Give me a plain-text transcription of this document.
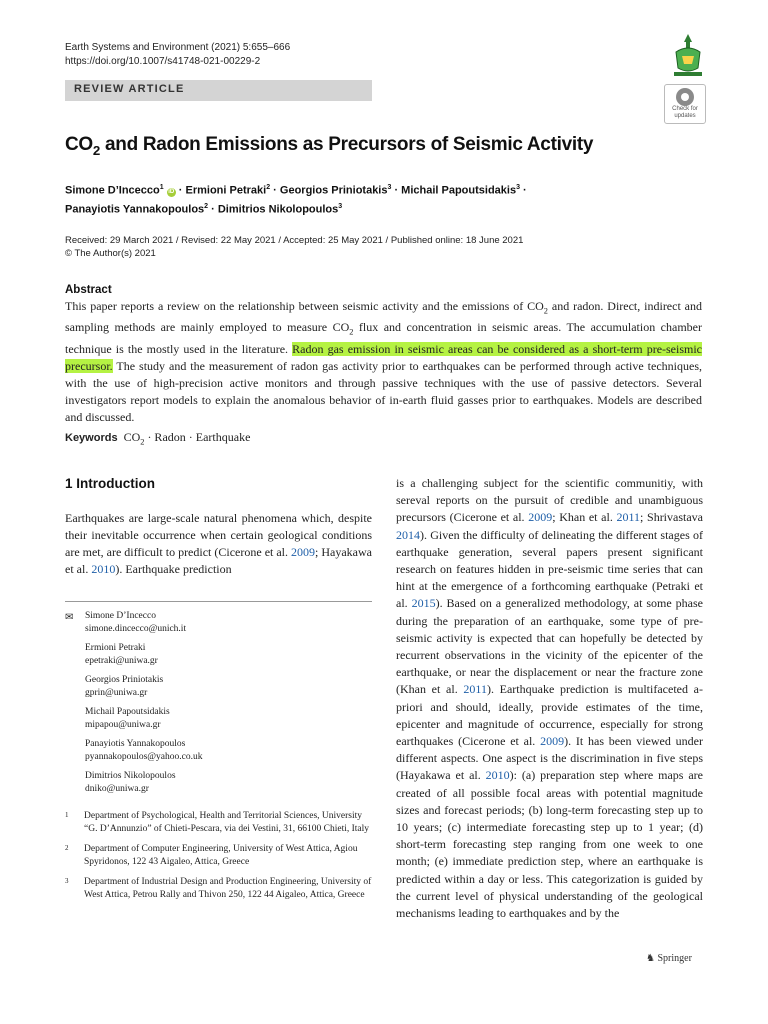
Earth Systems and Environment (2021) 5:655–666
https://doi.org/10.1007/s41748-021-00229-2
REVIEW ARTICLE
Check for updates
$CO_2$ and Radon Emissions as Precursors of Seismic Activity
Simone D’Incecco$^1$ iD · Ermioni Petraki$^2$ · Georgios Priniotakis$^3$ · Michail Papoutsidakis$^3$ ·
Panayiotis Yannakopoulos$^2$ · Dimitrios Nikolopoulos$^3$
Received: 29 March 2021 / Revised: 22 May 2021 / Accepted: 25 May 2021 / Published online: 18 June 2021
© The Author(s) 2021
Abstract
This paper reports a review on the relationship between seismic activity and the emissions of $CO_2$ and radon. Direct, indirect and sampling methods are mainly employed to measure $CO_2$ flux and concentration in seismic areas. The accumulation chamber technique is the mostly used in the literature. Radon gas emission in seismic areas can be considered as a short-term pre-seismic precursor. The study and the measurement of radon gas activity prior to earthquakes can be performed through active techniques, with the use of high-precision active monitors and through passive techniques with the use of passive detectors. Several investigators report models to explain the anomalous behavior of in-earth fluid gasses prior to earthquakes. Models are described and discussed.
Keywords $CO_2$ · Radon · Earthquake
1 Introduction
Earthquakes are large-scale natural phenomena which, despite their inevitable occurrence when certain geological conditions are met, are difficult to predict (Cicerone et al. 2009; Hayakawa et al. 2010). Earthquake prediction
is a challenging subject for the scientific communitiy, with sereval reports on the pursuit of credible and unambiguous precursors (Cicerone et al. 2009; Khan et al. 2011; Shrivastava 2014). Given the difficulty of delineating the different stages of earthquake generation, several papers present significant research on features hidden in pre-seismic time series that can hint at the emergence of a forthcoming earthquake (Petraki et al. 2015). Based on a generalized methodology, at some phase during the preparation of an earthquake, some type of pre-seismic activity is expected that can hopefully be detected by recurrent observations in the vicinity of the epicenter of the earthquake, or near the displacement or near the fracture zone (Khan et al. 2011). Earthquake prediction is multifaceted a-priori and should, ideally, provide estimates of the time, epicenter and magnitude of occurrence, especially for strong earthquakes (Cicerone et al. 2009). It has been viewed under different aspects. One aspect is the discrimination in five steps (Hayakawa et al. 2010): (a) preparation step where maps are created of all possible focal areas with potential magnitude sizes and forecast periods; (b) long-term forecasting step up to 10 years; (c) intermediate forecasting step up to 1 year; (d) short-term forecasting step ranging from one week to one month; (e) immediate prediction step, where an earthquake is predicted within a day or less. This categorization is guided by the current level of physical understanding of the geological mechanisms leading to earthquakes and by the
✉ Simone D’Incecco
simone.dincecco@unich.it
Ermioni Petraki
epetraki@uniwa.gr
Georgios Priniotakis
gprin@uniwa.gr
Michail Papoutsidakis
mipapou@uniwa.gr
Panayiotis Yannakopoulos
pyannakopoulos@yahoo.co.uk
Dimitrios Nikolopoulos
dniko@uniwa.gr
1 Department of Psychological, Health and Territorial Sciences, University “G. D’Annunzio” of Chieti-Pescara, via dei Vestini, 31, 66100 Chieti, Italy
2 Department of Computer Engineering, University of West Attica, Agiou Spyridonos, 122 43 Aigaleo, Attica, Greece
3 Department of Industrial Design and Production Engineering, University of West Attica, Petrou Rally and Thivon 250, 122 44 Aigaleo, Attica, Greece
♞ Springer
